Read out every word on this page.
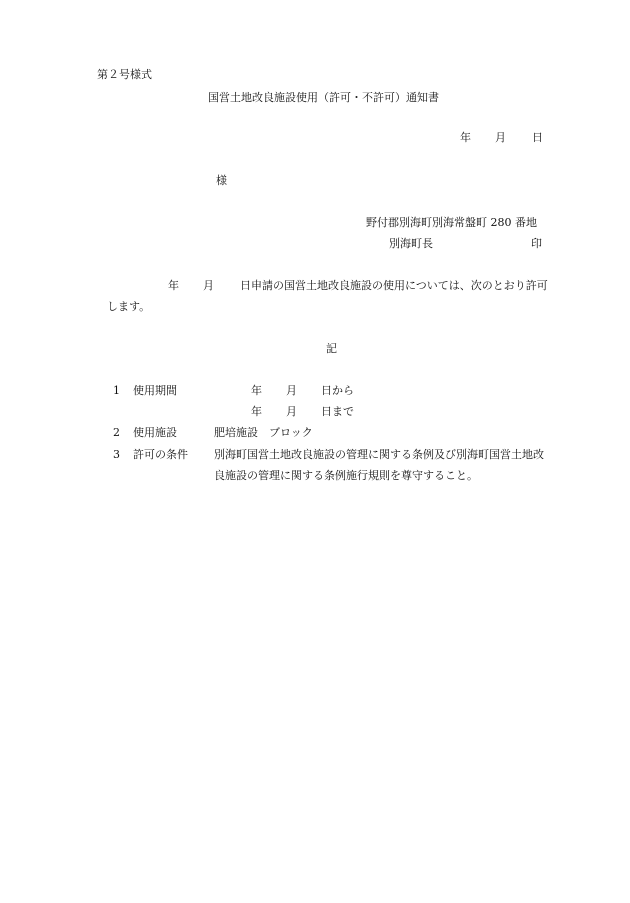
第２号様式
国営土地改良施設使用（許可・不許可）通知書
年 月 日
様
野付郡別海町別海常盤町 280 番地
別海町長	印
年 月 日申請の国営土地改良施設の使用については、次のとおり許可
します。
記
1 使用期間	年 月 日から
年 月 日まで
2 使用施設	肥培施設　ブロック
3 許可の条件 別海町国営土地改良施設の管理に関する条例及び別海町国営土地改
良施設の管理に関する条例施行規則を尊守すること。
